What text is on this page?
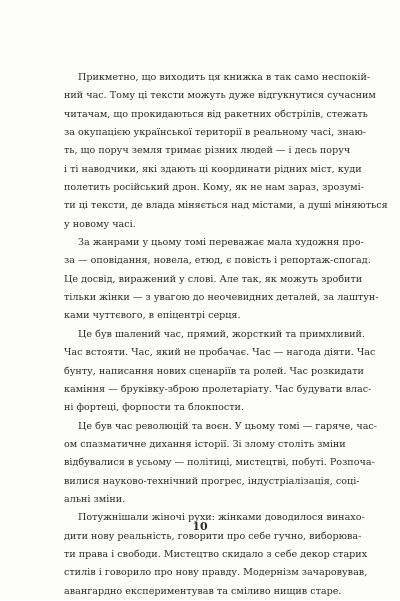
Прикметно, що виходить ця книжка в так само неспокій-
ний час. Тому ці тексти можуть дуже відгукнутися сучасним
читачам, що прокидаються від ракетних обстрілів, стежать
за окупацією української території в реальному часі, знаю-
ть, що поруч земля тримає різних людей — і десь поруч
і ті наводчики, які здають ці координати рідних міст, куди
полетить російський дрон. Кому, як не нам зараз, зрозумі-
ти ці тексти, де влада міняється над містами, а душі міняються
у новому часі.
За жанрами у цьому томі переважає мала художня про-
за — оповідання, новела, етюд, є повість і репортаж-спогад.
Це досвід, виражений у слові. Але так, як можуть зробити
тільки жінки — з увагою до неочевидних деталей, за лаштун-
ками чуттєвого, в епіцентрі серця.
Це був шалений час, прямий, жорсткий та примхливий.
Час встояти. Час, який не пробачає. Час — нагода діяти. Час
бунту, написання нових сценаріїв та ролей. Час розкидати
каміння — бруківку-зброю пролетаріату. Час будувати влас-
ні фортеці, форпости та блокпости.
Це був час революцій та воєн. У цьому томі — гаряче, час-
ом спазматичне дихання історії. Зі злому століть зміни
відбувалися в усьому — політиці, мистецтві, побуті. Розпоча-
вилися науково-технічний прогрес, індустріалізація, соці-
альні зміни.
Потужнішали жіночі рухи: жінками доводилося винахо-
дити нову реальність, говорити про себе гучно, виборюва-
ти права і свободи. Мистецтво скидало з себе декор старих
стилів і говорило про нову правду. Модернізм зачаровував,
авангардно експериментував та сміливо нищив старе.
10
